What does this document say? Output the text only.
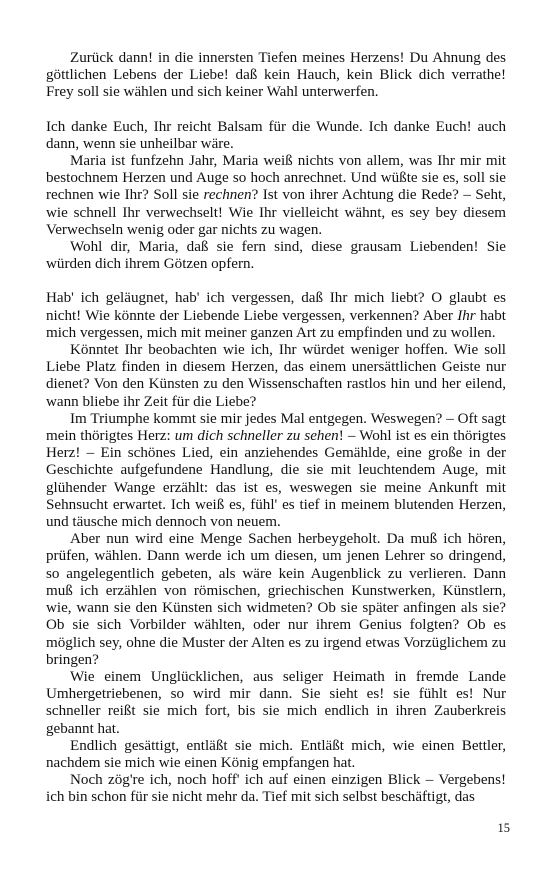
Zurück dann! in die innersten Tiefen meines Herzens! Du Ahnung des göttlichen Lebens der Liebe! daß kein Hauch, kein Blick dich verrathe! Frey soll sie wählen und sich keiner Wahl unterwerfen.

Ich danke Euch, Ihr reicht Balsam für die Wunde. Ich danke Euch! auch dann, wenn sie unheilbar wäre.

Maria ist funfzehn Jahr, Maria weiß nichts von allem, was Ihr mir mit bestochnem Herzen und Auge so hoch anrechnet. Und wüßte sie es, soll sie rechnen wie Ihr? Soll sie rechnen? Ist von ihrer Achtung die Rede? – Seht, wie schnell Ihr verwechselt! Wie Ihr vielleicht wähnt, es sey bey diesem Verwechseln wenig oder gar nichts zu wagen.

Wohl dir, Maria, daß sie fern sind, diese grausam Liebenden! Sie würden dich ihrem Götzen opfern.

Hab' ich geläugnet, hab' ich vergessen, daß Ihr mich liebt? O glaubt es nicht! Wie könnte der Liebende Liebe vergessen, verkennen? Aber Ihr habt mich vergessen, mich mit meiner ganzen Art zu empfinden und zu wollen.

Könntet Ihr beobachten wie ich, Ihr würdet weniger hoffen. Wie soll Liebe Platz finden in diesem Herzen, das einem unersättlichen Geiste nur dienet? Von den Künsten zu den Wissenschaften rastlos hin und her eilend, wann bliebe ihr Zeit für die Liebe?

Im Triumphe kommt sie mir jedes Mal entgegen. Weswegen? – Oft sagt mein thörigtes Herz: um dich schneller zu sehen! – Wohl ist es ein thörigtes Herz! – Ein schönes Lied, ein anziehendes Gemählde, eine große in der Geschichte aufgefundene Handlung, die sie mit leuchtendem Auge, mit glühender Wange erzählt: das ist es, weswegen sie meine Ankunft mit Sehnsucht erwartet. Ich weiß es, fühl' es tief in meinem blutenden Herzen, und täusche mich dennoch von neuem.

Aber nun wird eine Menge Sachen herbeygeholt. Da muß ich hören, prüfen, wählen. Dann werde ich um diesen, um jenen Lehrer so dringend, so angelegentlich gebeten, als wäre kein Augenblick zu verlieren. Dann muß ich erzählen von römischen, griechischen Kunstwerken, Künstlern, wie, wann sie den Künsten sich widmeten? Ob sie später anfingen als sie? Ob sie sich Vorbilder wählten, oder nur ihrem Genius folgten? Ob es möglich sey, ohne die Muster der Alten es zu irgend etwas Vorzüglichem zu bringen?

Wie einem Unglücklichen, aus seliger Heimath in fremde Lande Umhergetriebenen, so wird mir dann. Sie sieht es! sie fühlt es! Nur schneller reißt sie mich fort, bis sie mich endlich in ihren Zauberkreis gebannt hat.

Endlich gesättigt, entläßt sie mich. Entläßt mich, wie einen Bettler, nachdem sie mich wie einen König empfangen hat.

Noch zög're ich, noch hoff' ich auf einen einzigen Blick – Vergebens! ich bin schon für sie nicht mehr da. Tief mit sich selbst beschäftigt, das

15
